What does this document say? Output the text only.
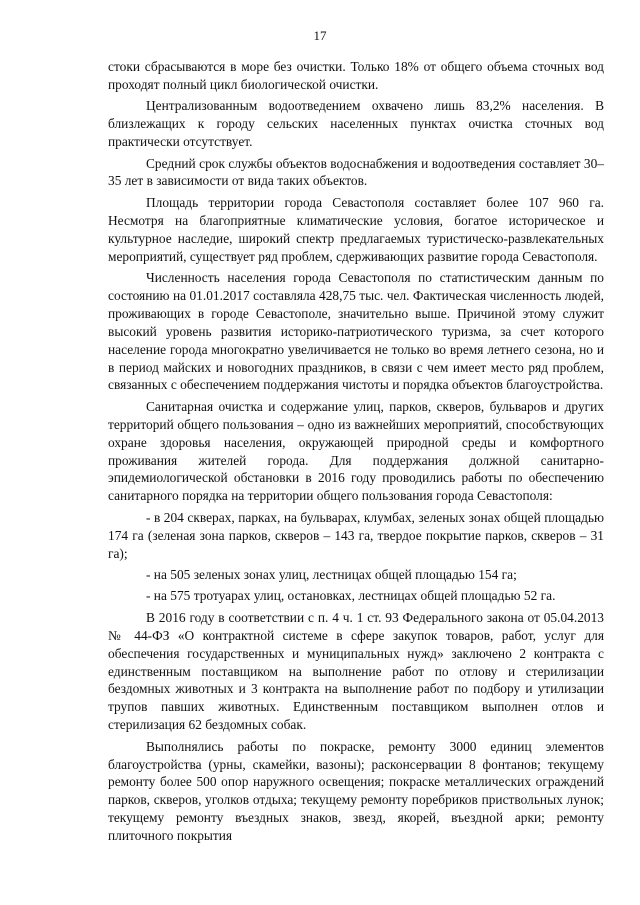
17

стоки сбрасываются в море без очистки. Только 18% от общего объема сточных вод проходят полный цикл биологической очистки.

Централизованным водоотведением охвачено лишь 83,2% населения. В близлежащих к городу сельских населенных пунктах очистка сточных вод практически отсутствует.

Средний срок службы объектов водоснабжения и водоотведения составляет 30–35 лет в зависимости от вида таких объектов.

Площадь территории города Севастополя составляет более 107 960 га. Несмотря на благоприятные климатические условия, богатое историческое и культурное наследие, широкий спектр предлагаемых туристическо-развлекательных мероприятий, существует ряд проблем, сдерживающих развитие города Севастополя.

Численность населения города Севастополя по статистическим данным по состоянию на 01.01.2017 составляла 428,75 тыс. чел. Фактическая численность людей, проживающих в городе Севастополе, значительно выше. Причиной этому служит высокий уровень развития историко-патриотического туризма, за счет которого население города многократно увеличивается не только во время летнего сезона, но и в период майских и новогодних праздников, в связи с чем имеет место ряд проблем, связанных с обеспечением поддержания чистоты и порядка объектов благоустройства.

Санитарная очистка и содержание улиц, парков, скверов, бульваров и других территорий общего пользования – одно из важнейших мероприятий, способствующих охране здоровья населения, окружающей природной среды и комфортного проживания жителей города. Для поддержания должной санитарно-эпидемиологической обстановки в 2016 году проводились работы по обеспечению санитарного порядка на территории общего пользования города Севастополя:

- в 204 скверах, парках, на бульварах, клумбах, зеленых зонах общей площадью 174 га (зеленая зона парков, скверов – 143 га, твердое покрытие парков, скверов – 31 га);

- на 505 зеленых зонах улиц, лестницах общей площадью 154 га;

- на 575 тротуарах улиц, остановках, лестницах общей площадью 52 га.

В 2016 году в соответствии с п. 4 ч. 1 ст. 93 Федерального закона от 05.04.2013 № 44-ФЗ «О контрактной системе в сфере закупок товаров, работ, услуг для обеспечения государственных и муниципальных нужд» заключено 2 контракта с единственным поставщиком на выполнение работ по отлову и стерилизации бездомных животных и 3 контракта на выполнение работ по подбору и утилизации трупов павших животных. Единственным поставщиком выполнен отлов и стерилизация 62 бездомных собак.

Выполнялись работы по покраске, ремонту 3000 единиц элементов благоустройства (урны, скамейки, вазоны); расконсервации 8 фонтанов; текущему ремонту более 500 опор наружного освещения; покраске металлических ограждений парков, скверов, уголков отдыха; текущему ремонту поребриков приствольных лунок; текущему ремонту въездных знаков, звезд, якорей, въездной арки; ремонту плиточного покрытия
